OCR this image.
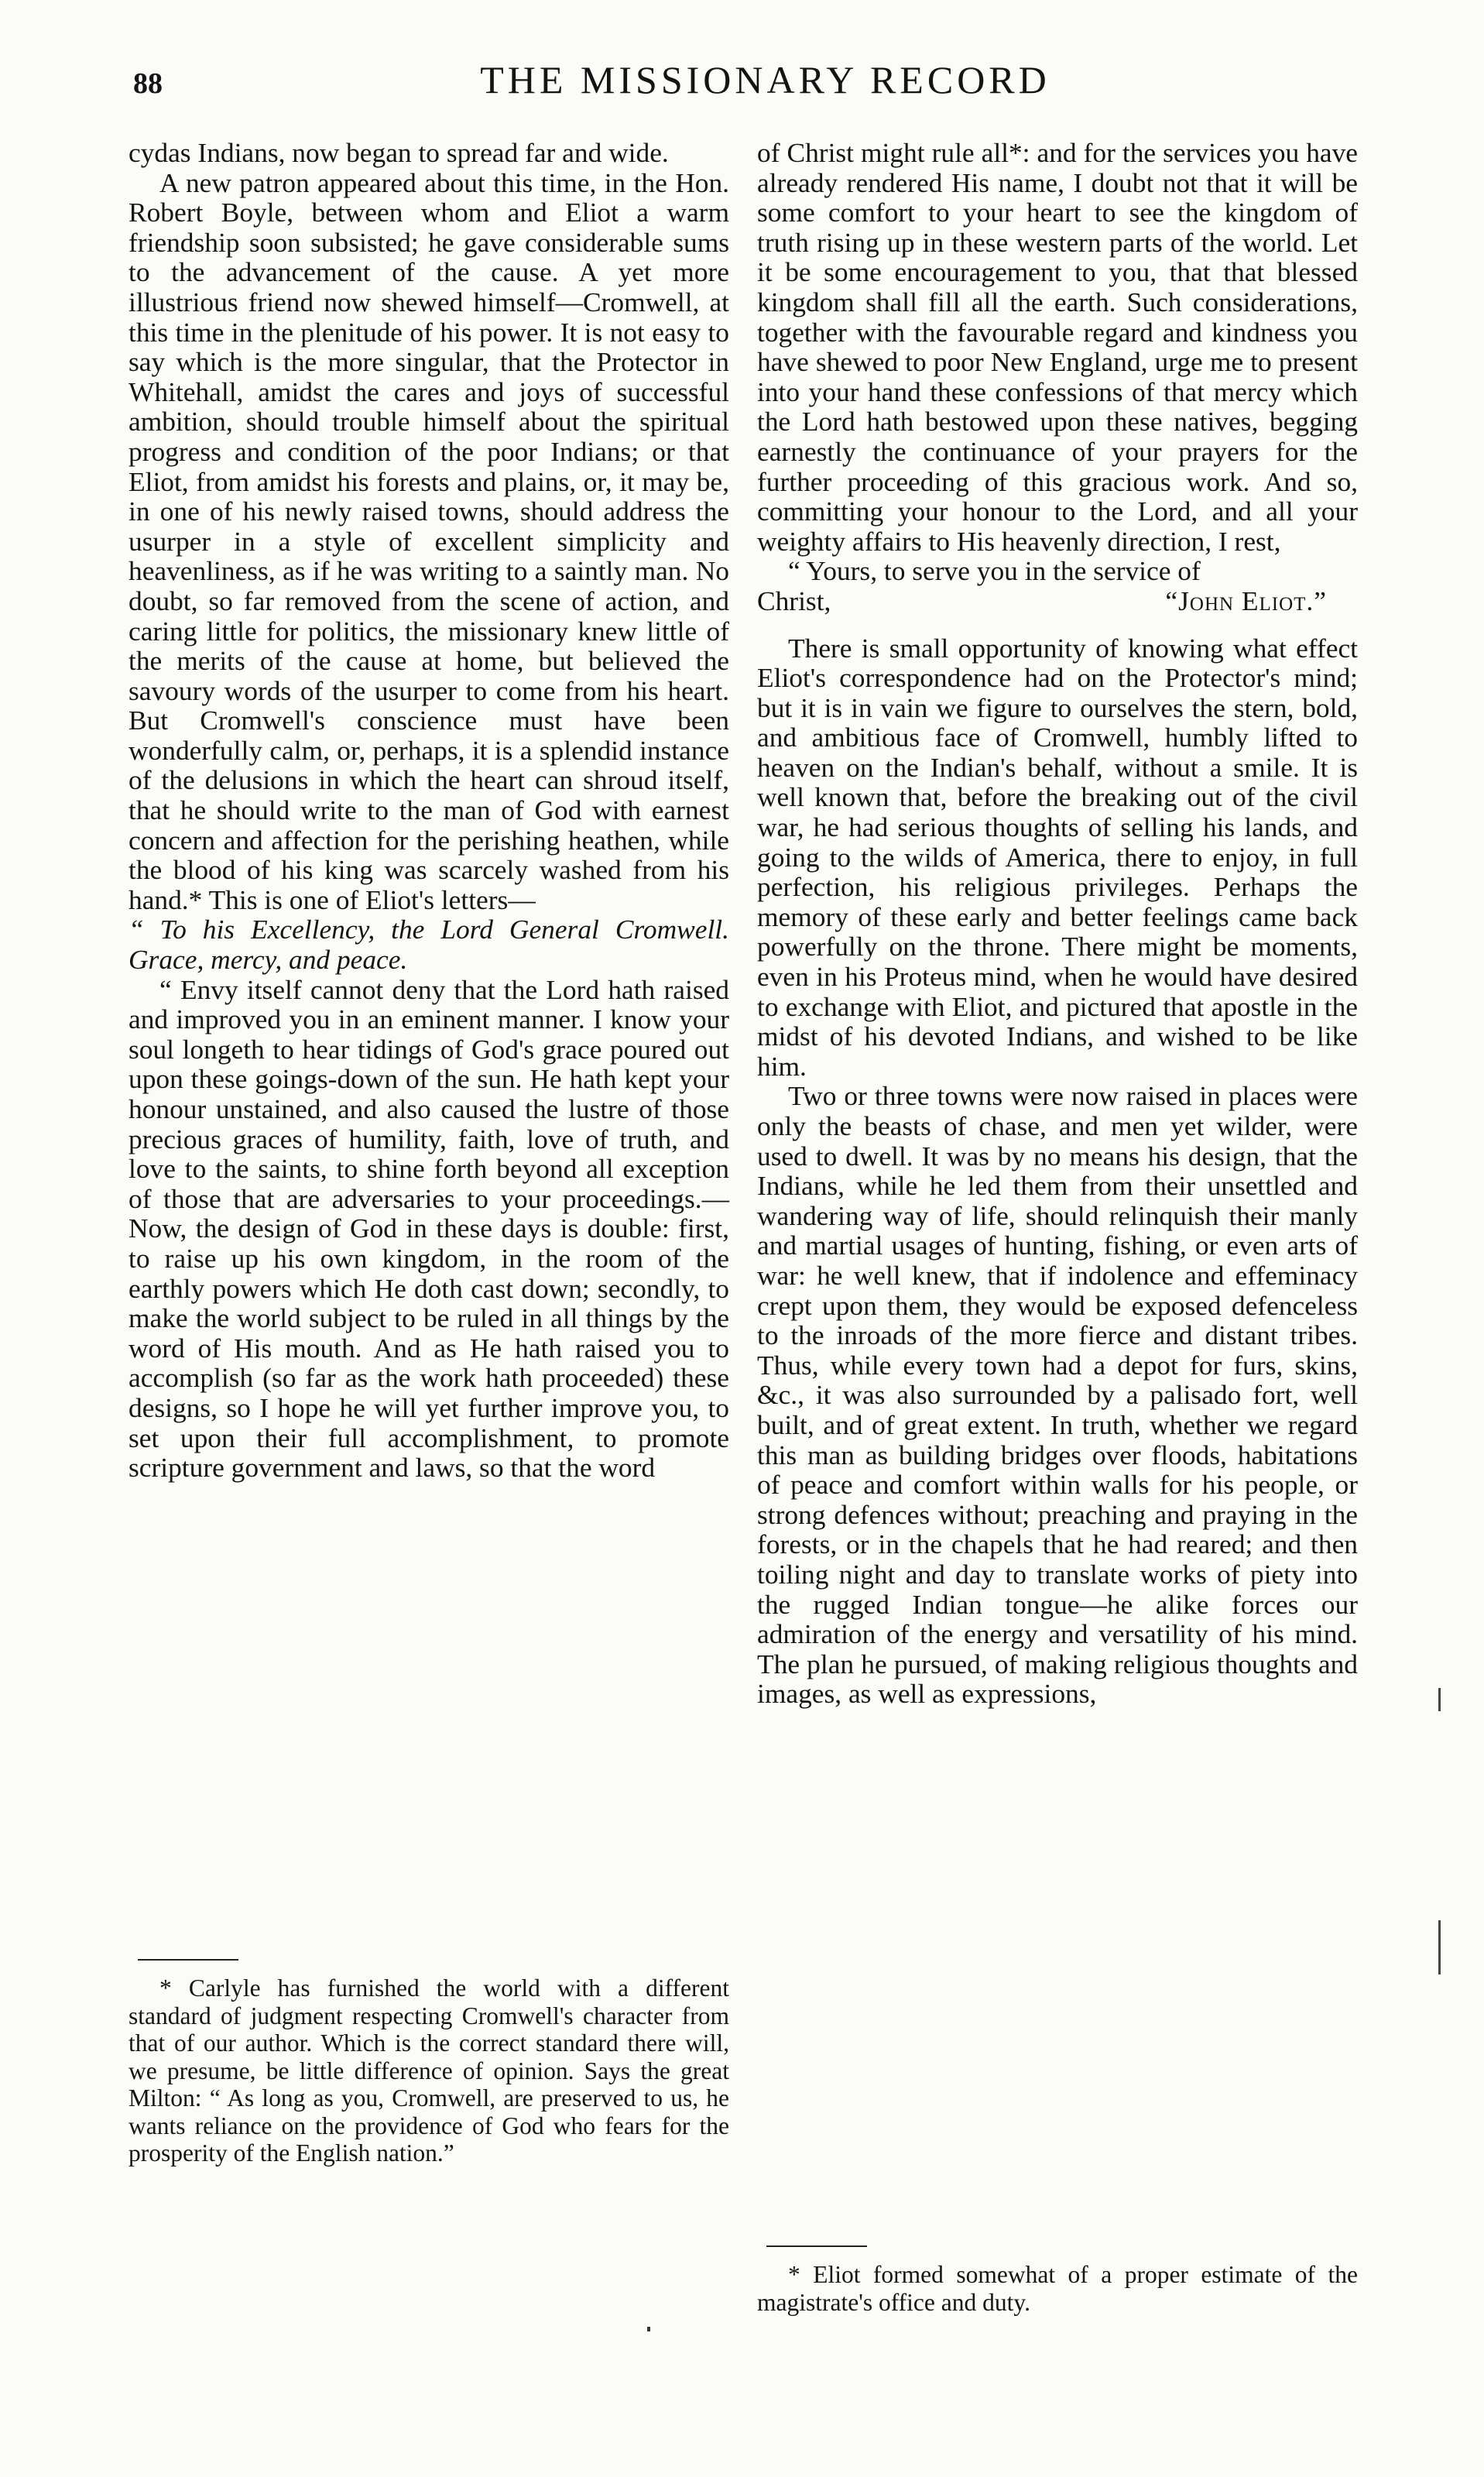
88	THE MISSIONARY RECORD

cydas Indians, now began to spread far and wide.

A new patron appeared about this time, in the Hon. Robert Boyle, between whom and Eliot a warm friendship soon subsisted; he gave considerable sums to the advancement of the cause. A yet more illustrious friend now shewed himself—Cromwell, at this time in the plenitude of his power. It is not easy to say which is the more singular, that the Protector in Whitehall, amidst the cares and joys of successful ambition, should trouble himself about the spiritual progress and condition of the poor Indians; or that Eliot, from amidst his forests and plains, or, it may be, in one of his newly raised towns, should address the usurper in a style of excellent simplicity and heavenliness, as if he was writing to a saintly man. No doubt, so far removed from the scene of action, and caring little for politics, the missionary knew little of the merits of the cause at home, but believed the savoury words of the usurper to come from his heart. But Cromwell's conscience must have been wonderfully calm, or, perhaps, it is a splendid instance of the delusions in which the heart can shroud itself, that he should write to the man of God with earnest concern and affection for the perishing heathen, while the blood of his king was scarcely washed from his hand.* This is one of Eliot's letters—

“ To his Excellency, the Lord General Cromwell. Grace, mercy, and peace.

“ Envy itself cannot deny that the Lord hath raised and improved you in an eminent manner. I know your soul longeth to hear tidings of God's grace poured out upon these goings-down of the sun. He hath kept your honour unstained, and also caused the lustre of those precious graces of humility, faith, love of truth, and love to the saints, to shine forth beyond all exception of those that are adversaries to your proceedings.—Now, the design of God in these days is double: first, to raise up his own kingdom, in the room of the earthly powers which He doth cast down; secondly, to make the world subject to be ruled in all things by the word of His mouth. And as He hath raised you to accomplish (so far as the work hath proceeded) these designs, so I hope he will yet further improve you, to set upon their full accomplishment, to promote scripture government and laws, so that the word

of Christ might rule all*: and for the services you have already rendered His name, I doubt not that it will be some comfort to your heart to see the kingdom of truth rising up in these western parts of the world. Let it be some encouragement to you, that that blessed kingdom shall fill all the earth. Such considerations, together with the favourable regard and kindness you have shewed to poor New England, urge me to present into your hand these confessions of that mercy which the Lord hath bestowed upon these natives, begging earnestly the continuance of your prayers for the further proceeding of this gracious work. And so, committing your honour to the Lord, and all your weighty affairs to His heavenly direction, I rest,

“ Yours, to serve you in the service of

Christ,	“John Eliot.”

There is small opportunity of knowing what effect Eliot's correspondence had on the Protector's mind; but it is in vain we figure to ourselves the stern, bold, and ambitious face of Cromwell, humbly lifted to heaven on the Indian's behalf, without a smile. It is well known that, before the breaking out of the civil war, he had serious thoughts of selling his lands, and going to the wilds of America, there to enjoy, in full perfection, his religious privileges. Perhaps the memory of these early and better feelings came back powerfully on the throne. There might be moments, even in his Proteus mind, when he would have desired to exchange with Eliot, and pictured that apostle in the midst of his devoted Indians, and wished to be like him.

Two or three towns were now raised in places were only the beasts of chase, and men yet wilder, were used to dwell. It was by no means his design, that the Indians, while he led them from their unsettled and wandering way of life, should relinquish their manly and martial usages of hunting, fishing, or even arts of war: he well knew, that if indolence and effeminacy crept upon them, they would be exposed defenceless to the inroads of the more fierce and distant tribes. Thus, while every town had a depot for furs, skins, &c., it was also surrounded by a palisado fort, well built, and of great extent. In truth, whether we regard this man as building bridges over floods, habitations of peace and comfort within walls for his people, or strong defences without; preaching and praying in the forests, or in the chapels that he had reared; and then toiling night and day to translate works of piety into the rugged Indian tongue—he alike forces our admiration of the energy and versatility of his mind. The plan he pursued, of making religious thoughts and images, as well as expressions,

* Carlyle has furnished the world with a different standard of judgment respecting Cromwell's character from that of our author. Which is the correct standard there will, we presume, be little difference of opinion. Says the great Milton: “ As long as you, Cromwell, are preserved to us, he wants reliance on the providence of God who fears for the prosperity of the English nation.”

* Eliot formed somewhat of a proper estimate of the magistrate's office and duty.
